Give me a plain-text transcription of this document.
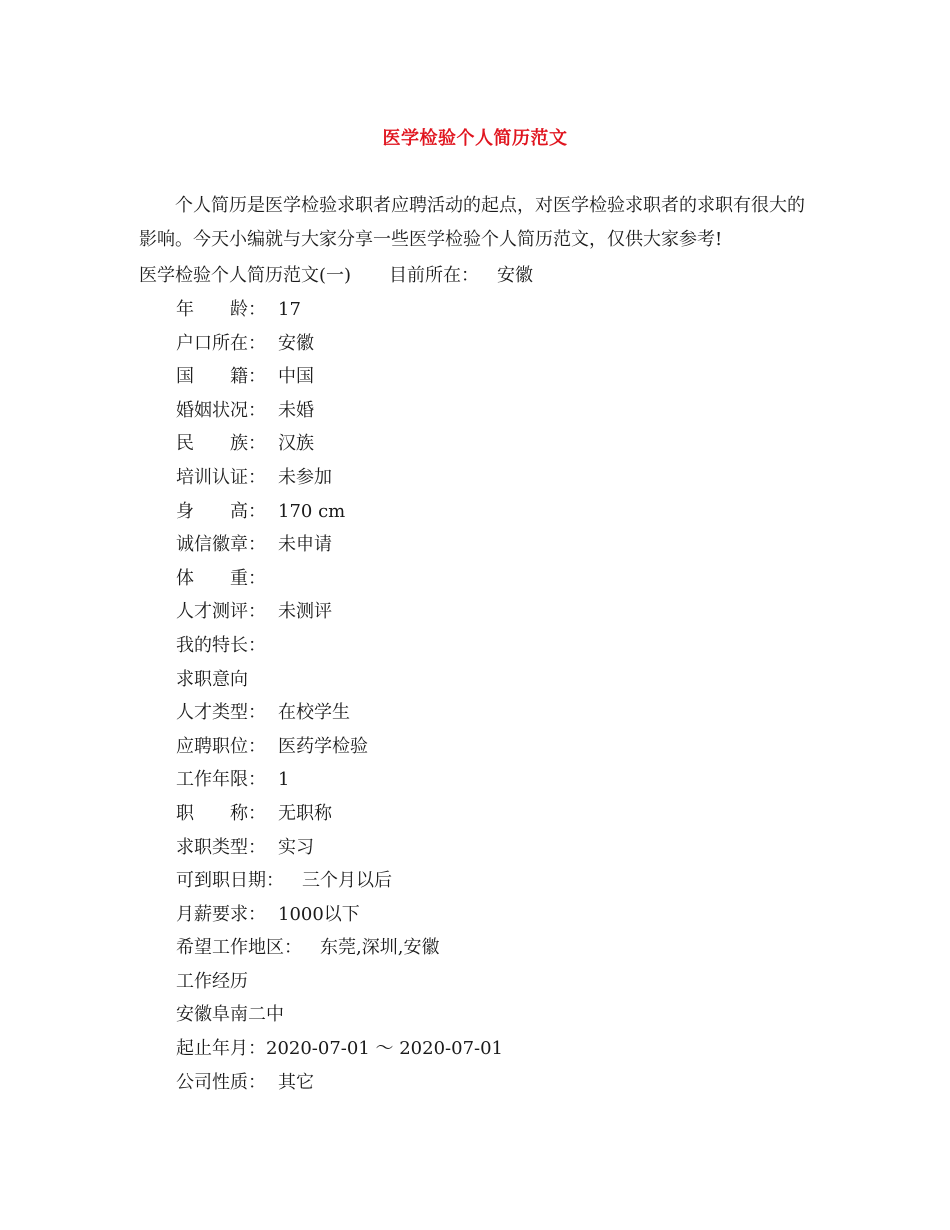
医学检验个人简历范文

个人简历是医学检验求职者应聘活动的起点，对医学检验求职者的求职有很大的影响。今天小编就与大家分享一些医学检验个人简历范文，仅供大家参考!

医学检验个人简历范文(一) 目前所在： 安徽
年　　龄： 17
户口所在： 安徽
国　　籍： 中国
婚姻状况： 未婚
民　　族： 汉族
培训认证： 未参加
身　　高： 170 cm
诚信徽章： 未申请
体　　重：
人才测评： 未测评
我的特长：
求职意向
人才类型： 在校学生
应聘职位： 医药学检验
工作年限： 1
职　　称： 无职称
求职类型： 实习
可到职日期： 三个月以后
月薪要求： 1000以下
希望工作地区： 东莞,深圳,安徽
工作经历
安徽阜南二中
起止年月：2020-07-01 ～ 2020-07-01
公司性质： 其它
